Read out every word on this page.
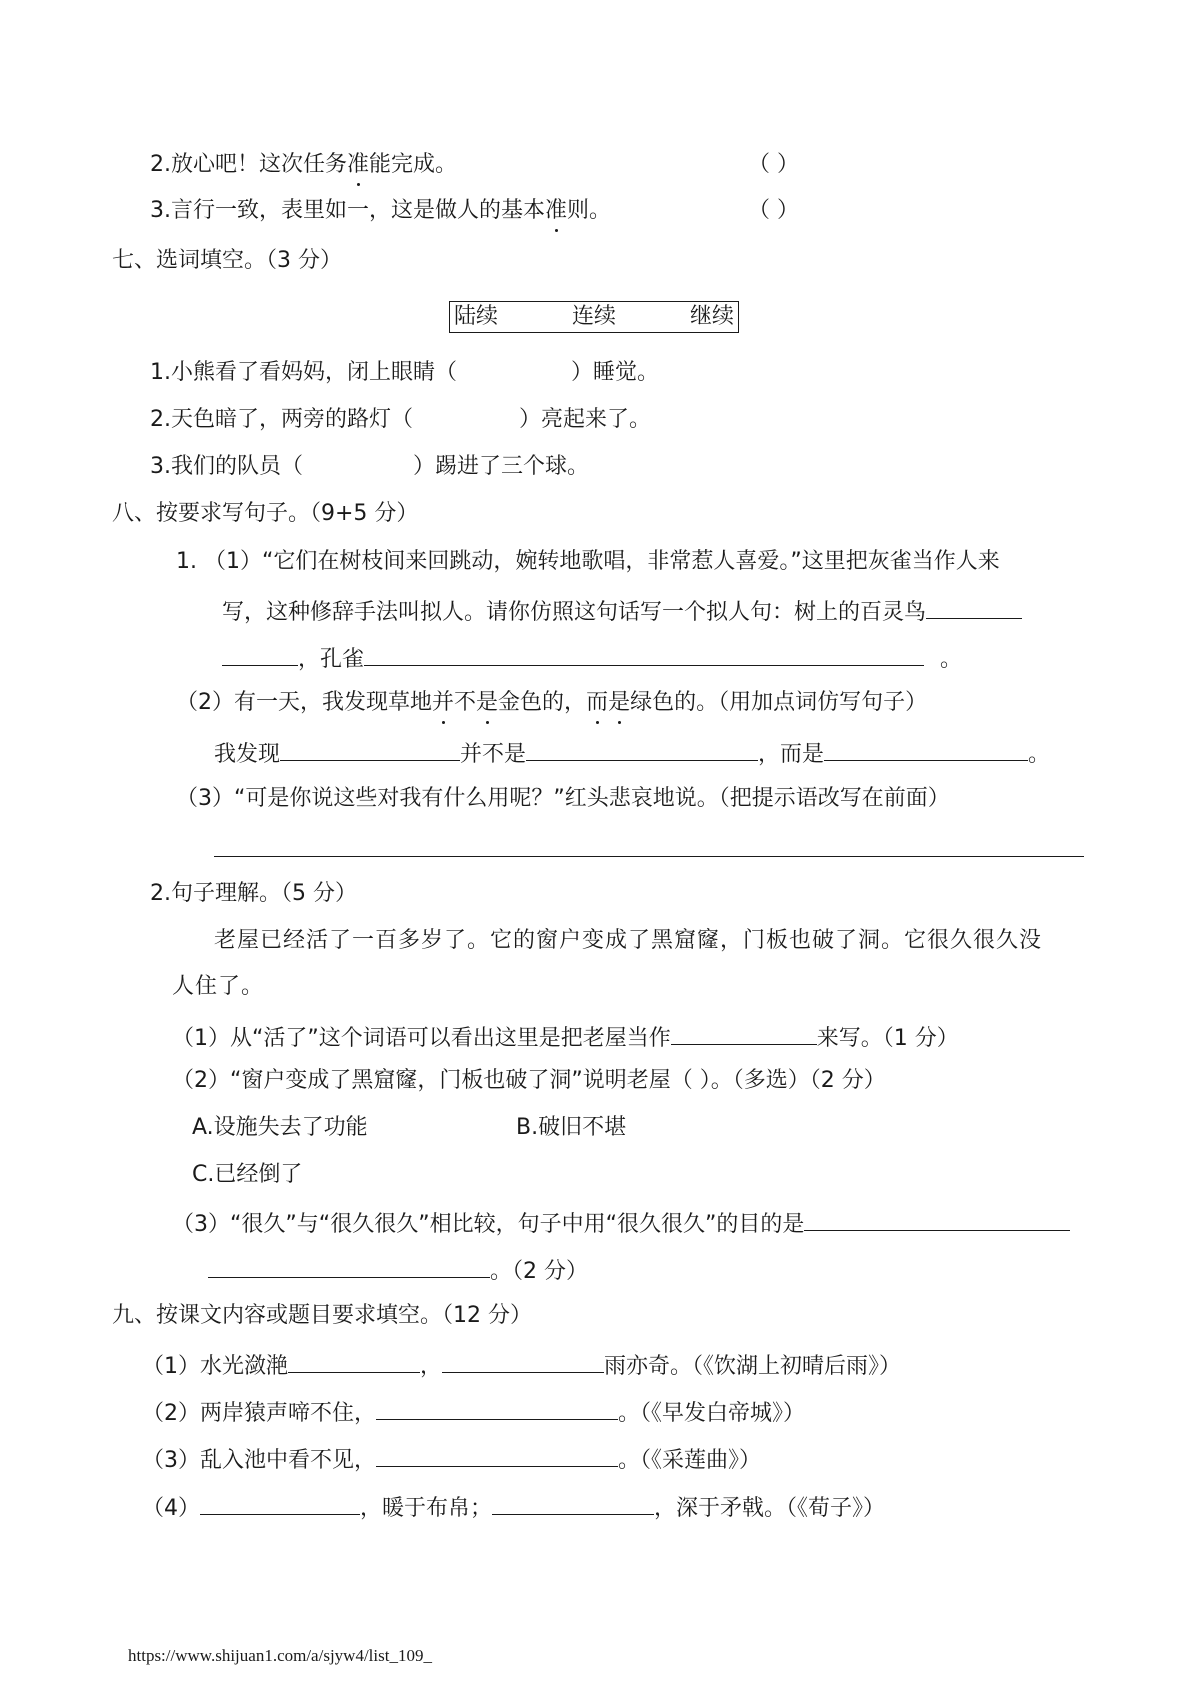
2.放心吧！这次任务准能完成。	（ ）
3.言行一致，表里如一，这是做人的基本准则。	（ ）
七、选词填空。（3 分）
陆续	连续	继续
1.小熊看了看妈妈，闭上眼睛（	）睡觉。
2.天色暗了，两旁的路灯（	）亮起来了。
3.我们的队员（	）踢进了三个球。
八、按要求写句子。（9+5 分）
1. （1）“它们在树枝间来回跳动，婉转地歌唱，非常惹人喜爱。”这里把灰雀当作人来
写，这种修辞手法叫拟人。请你仿照这句话写一个拟人句：树上的百灵鸟
，孔雀	。
（2）有一天，我发现草地并不是金色的，而是绿色的。（用加点词仿写句子）
我发现	并不是	，而是	。
（3）“可是你说这些对我有什么用呢？”红头悲哀地说。（把提示语改写在前面）
2.句子理解。（5 分）
老屋已经活了一百多岁了。它的窗户变成了黑窟窿，门板也破了洞。它很久很久没
人住了。
（1）从“活了”这个词语可以看出这里是把老屋当作	来写。（1 分）
（2）“窗户变成了黑窟窿，门板也破了洞”说明老屋（ ）。（多选）（2 分）
A.设施失去了功能	B.破旧不堪
C.已经倒了
（3）“很久”与“很久很久”相比较，句子中用“很久很久”的目的是
。（2 分）
九、按课文内容或题目要求填空。（12 分）
（1）水光潋滟	，	雨亦奇。（《饮湖上初晴后雨》）
（2）两岸猿声啼不住，	。（《早发白帝城》）
（3）乱入池中看不见，	。（《采莲曲》）
（4）	，暖于布帛；	，深于矛戟。（《荀子》）
https://www.shijuan1.com/a/sjyw4/list_109_
